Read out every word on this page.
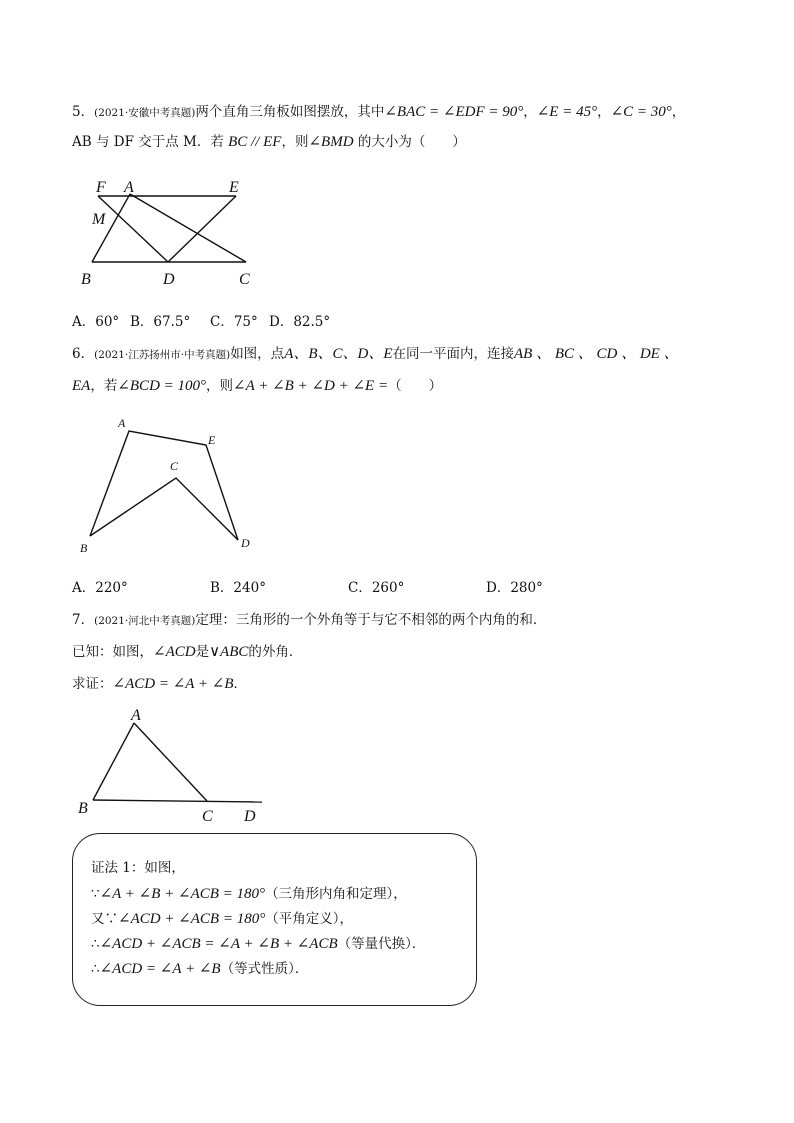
5．(2021·安徽中考真题)两个直角三角板如图摆放，其中∠BAC = ∠EDF = 90°，∠E = 45°，∠C = 30°，
AB 与 DF 交于点 M．若 BC // EF，则∠BMD 的大小为（　　）
F A	E
M
B	D	C
A
E
C
B	D
A
B	C D
A．60° B．67.5° C．75° D．82.5°
6．(2021·江苏扬州市·中考真题)如图，点A、B、C、D、E在同一平面内，连接AB 、 BC 、 CD 、 DE 、
EA，若∠BCD = 100°，则∠A + ∠B + ∠D + ∠E =（　　）
A．220°	B．240°	C．260°	D．280°
7．(2021·河北中考真题)定理：三角形的一个外角等于与它不相邻的两个内角的和．
已知：如图，∠ACD是∨ABC的外角．
求证：∠ACD = ∠A + ∠B．
证法 1：如图，
∵∠A + ∠B + ∠ACB = 180°（三角形内角和定理），
又∵∠ACD + ∠ACB = 180°（平角定义），
∴∠ACD + ∠ACB = ∠A + ∠B + ∠ACB（等量代换）．
∴∠ACD = ∠A + ∠B（等式性质）．
